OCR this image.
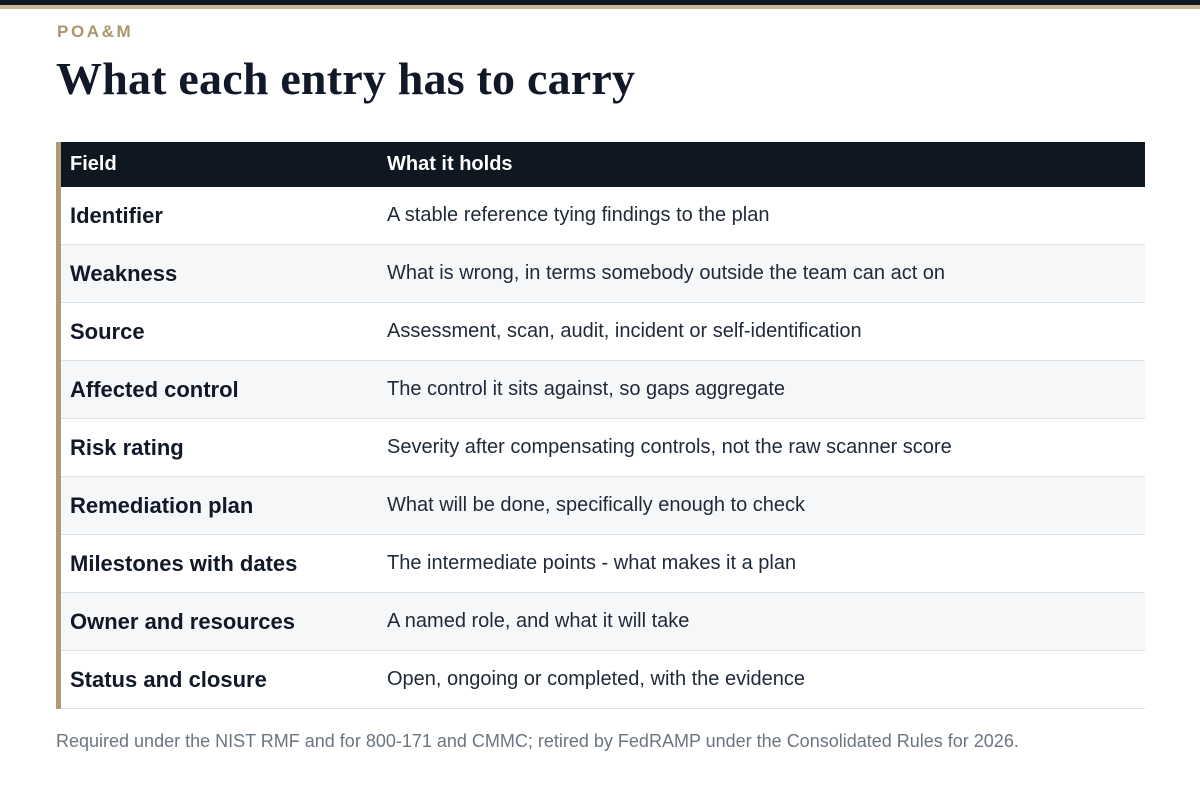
POA&M
What each entry has to carry
Field	What it holds
Identifier	A stable reference tying findings to the plan
Weakness	What is wrong, in terms somebody outside the team can act on
Source	Assessment, scan, audit, incident or self-identification
Affected control	The control it sits against, so gaps aggregate
Risk rating	Severity after compensating controls, not the raw scanner score
Remediation plan	What will be done, specifically enough to check
Milestones with dates	The intermediate points - what makes it a plan
Owner and resources	A named role, and what it will take
Status and closure	Open, ongoing or completed, with the evidence

Required under the NIST RMF and for 800-171 and CMMC; retired by FedRAMP under the Consolidated Rules for 2026.
